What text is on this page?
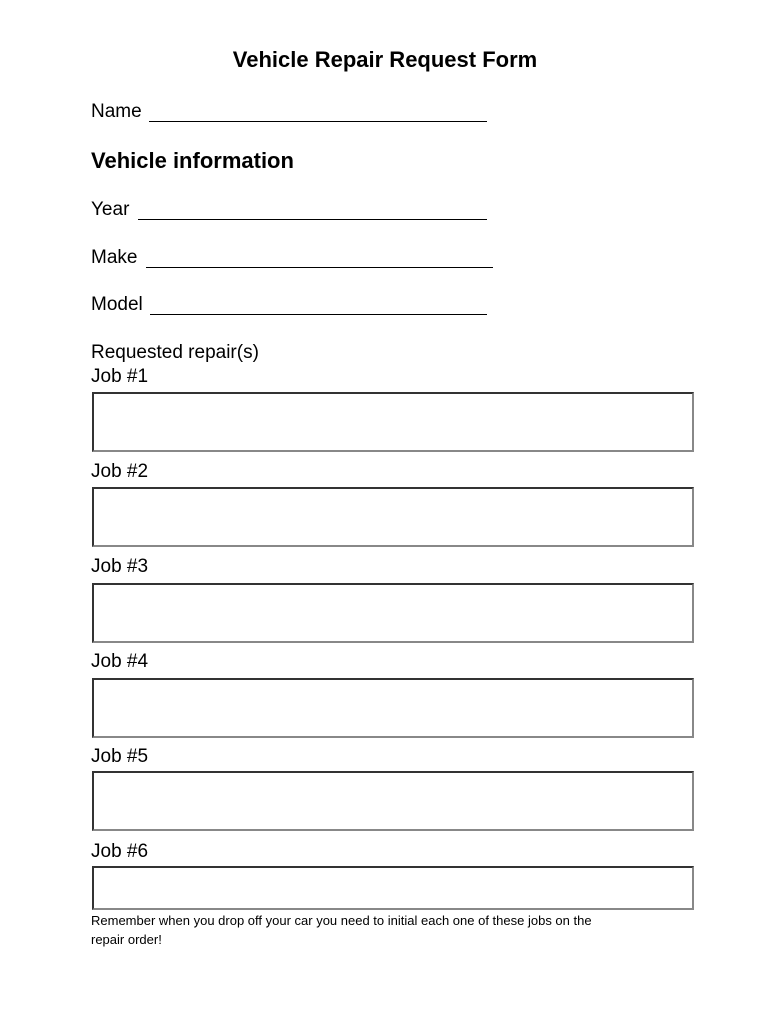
Vehicle Repair Request Form
Name
Vehicle information
Year
Make
Model
Requested repair(s)
Job #1
Job #2
Job #3
Job #4
Job #5
Job #6
Remember when you drop off your car you need to initial each one of these jobs on the
repair order!
